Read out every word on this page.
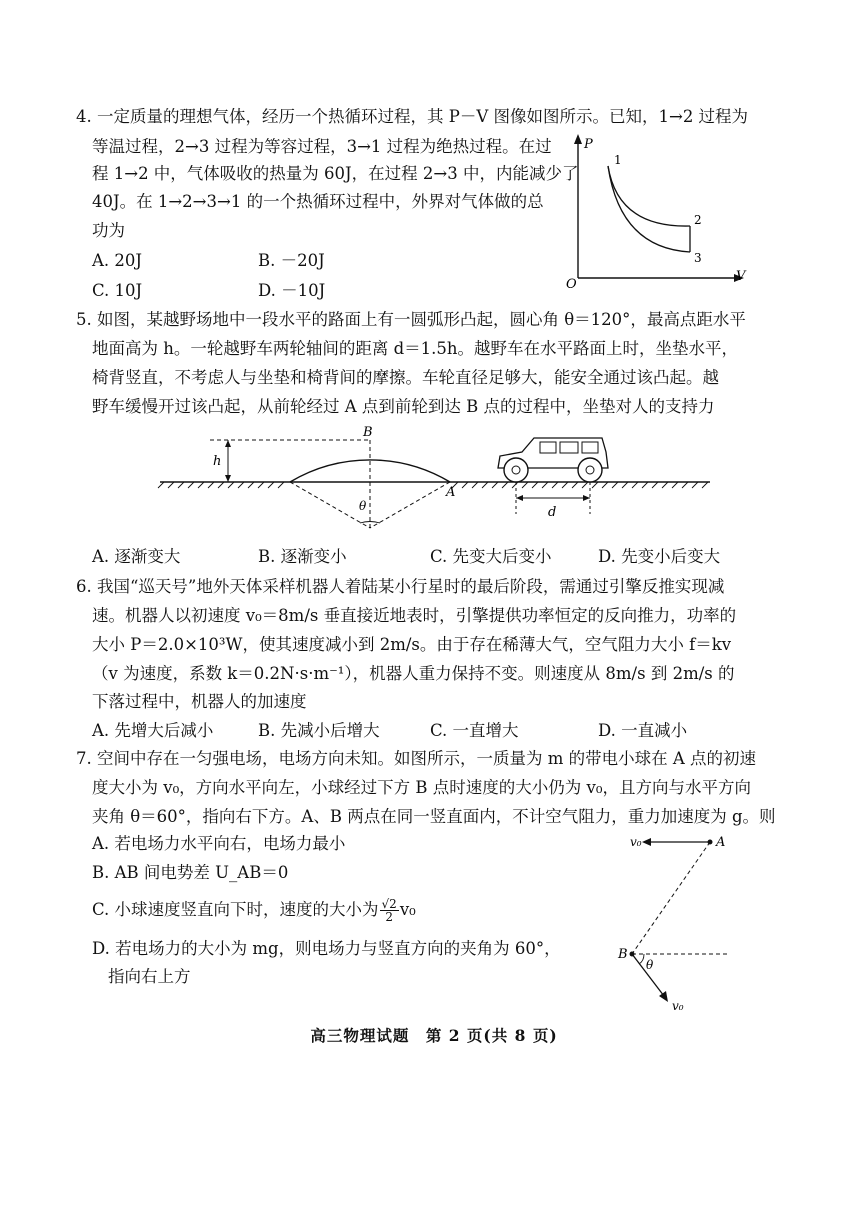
4. 一定质量的理想气体，经历一个热循环过程，其 P－V 图像如图所示。已知，1→2 过程为
等温过程，2→3 过程为等容过程，3→1 过程为绝热过程。在过
程 1→2 中，气体吸收的热量为 60J，在过程 2→3 中，内能减少了
40J。在 1→2→3→1 的一个热循环过程中，外界对气体做的总
功为
A. 20J	B. －20J
C. 10J	D. －10J
P
V
O
1
2
3
5. 如图，某越野场地中一段水平的路面上有一圆弧形凸起，圆心角 θ＝120°，最高点距水平
地面高为 h。一轮越野车两轮轴间的距离 d＝1.5h。越野车在水平路面上时，坐垫水平，
椅背竖直，不考虑人与坐垫和椅背间的摩擦。车轮直径足够大，能安全通过该凸起。越
野车缓慢开过该凸起，从前轮经过 A 点到前轮到达 B 点的过程中，坐垫对人的支持力
h
B
A
θ	d
A. 逐渐变大	B. 逐渐变小	C. 先变大后变小	D. 先变小后变大
6. 我国“巡天号”地外天体采样机器人着陆某小行星时的最后阶段，需通过引擎反推实现减
速。机器人以初速度 v₀＝8m/s 垂直接近地表时，引擎提供功率恒定的反向推力，功率的
大小 P＝2.0×10³W，使其速度减小到 2m/s。由于存在稀薄大气，空气阻力大小 f＝kv
（v 为速度，系数 k＝0.2N·s·m⁻¹），机器人重力保持不变。则速度从 8m/s 到 2m/s 的
下落过程中，机器人的加速度
A. 先增大后减小	B. 先减小后增大	C. 一直增大	D. 一直减小
7. 空间中存在一匀强电场，电场方向未知。如图所示，一质量为 m 的带电小球在 A 点的初速
度大小为 v₀，方向水平向左，小球经过下方 B 点时速度的大小仍为 v₀，且方向与水平方向
夹角 θ＝60°，指向右下方。A、B 两点在同一竖直面内，不计空气阻力，重力加速度为 g。则
A. 若电场力水平向右，电场力最小
B. AB 间电势差 U_AB＝0
C. 小球速度竖直向下时，速度的大小为 $\frac{√2}{2} v_0$
D. 若电场力的大小为 mg，则电场力与竖直方向的夹角为 60°，
指向右上方
v₀	A
B
θ
v₀
高三物理试题　第 2 页(共 8 页)
